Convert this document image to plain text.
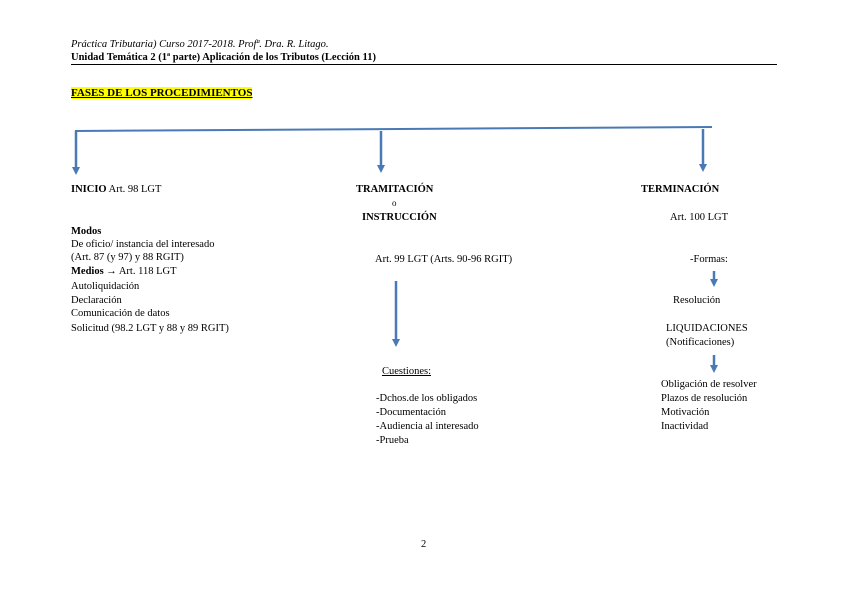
Práctica Tributaria) Curso 2017-2018. Profª. Dra. R. Litago.
Unidad Temática 2 (1ª parte) Aplicación de los Tributos (Lección 11)
FASES DE LOS PROCEDIMIENTOS
INICIO Art. 98 LGT
Modos
De oficio/ instancia del interesado
(Art. 87 (y 97) y 88 RGIT)
Medios → Art. 118 LGT
Autoliquidación
Declaración
Comunicación de datos
Solicitud (98.2 LGT y 88 y 89 RGIT)
TRAMITACIÓN
o
INSTRUCCIÓN
Art. 99 LGT (Arts. 90-96 RGIT)
Cuestiones:
-Dchos.de los obligados
-Documentación
-Audiencia al interesado
-Prueba
TERMINACIÓN
Art. 100 LGT
-Formas:
Resolución
LIQUIDACIONES
(Notificaciones)
Obligación de resolver
Plazos de resolución
Motivación
Inactividad
2
